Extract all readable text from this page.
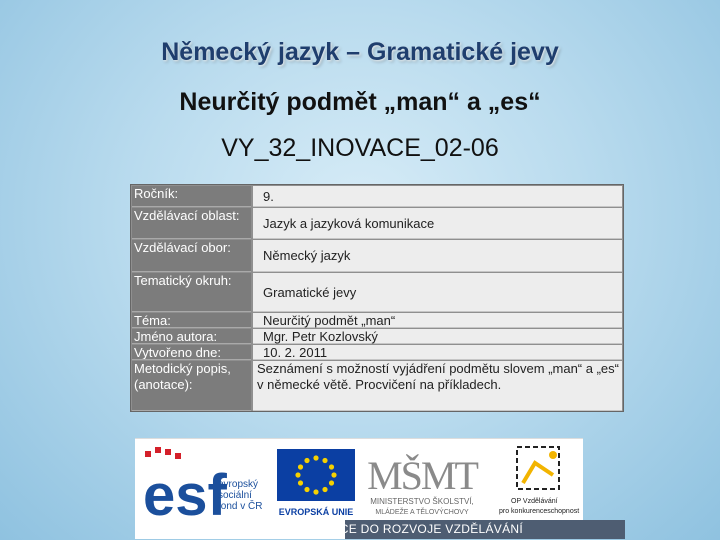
Německý jazyk – Gramatické jevy
Neurčitý podmět „man“ a „es“
VY_32_INOVACE_02-06
Ročník:	9.
Vzdělávací oblast:	Jazyk a jazyková komunikace
Vzdělávací obor:
Německý jazyk
Tematický okruh:
Gramatické jevy
Téma:	Neurčitý podmět „man“
Jméno autora:	Mgr. Petr Kozlovský
Vytvořeno dne:	10. 2. 2011
Metodický popis, (anotace):
Seznámení s možností vyjádření podmětu slovem „man“ a „es“ v německé větě. Procvičení na příkladech.
esf
evropský
sociální
fond v ČR EVROPSKÁ UNIE
MŠMT
MINISTERSTVO ŠKOLSTVÍ,
MLÁDEŽE A TĚLOVÝCHOVY
OP Vzdělávání
pro konkurenceschopnost
INVESTICE DO ROZVOJE VZDĚLÁVÁNÍ
